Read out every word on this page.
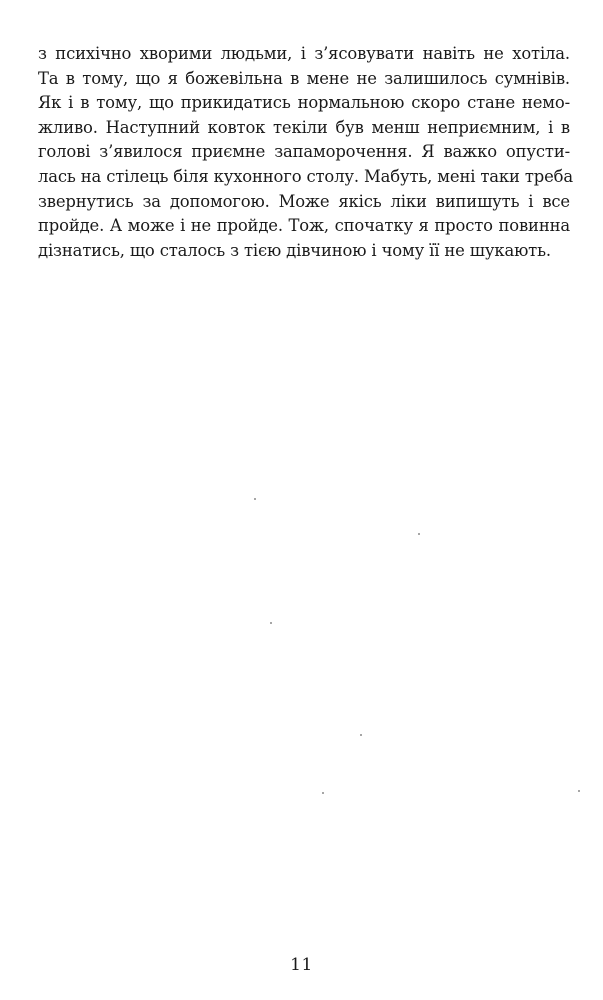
з психічно хворими людьми, і з’ясовувати навіть не хотіла.
Та в тому, що я божевільна в мене не залишилось сумнівів.
Як і в тому, що прикидатись нормальною скоро стане немо-
жливо. Наступний ковток текіли був менш неприємним, і в
голові з’явилося приємне запаморочення. Я важко опусти-
лась на стілець біля кухонного столу. Мабуть, мені таки треба
звернутись за допомогою. Може якісь ліки випишуть і все
пройде. А може і не пройде. Тож, спочатку я просто повинна
дізнатись, що сталось з тією дівчиною і чому її не шукають.
11
